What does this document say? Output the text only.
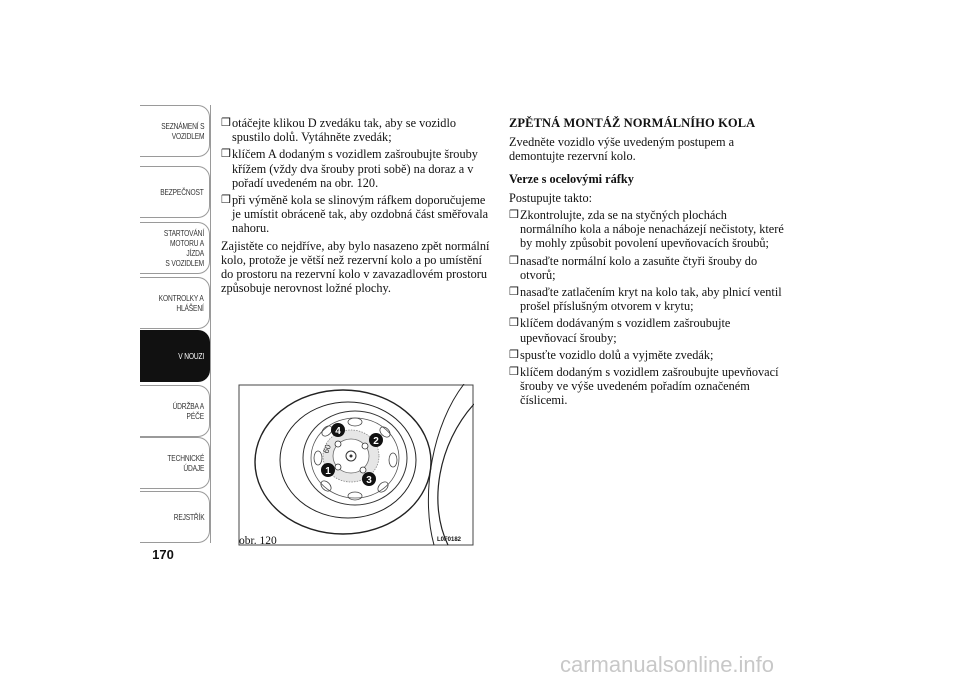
SEZNÁMENÍ S
VOZIDLEM
BEZPEČNOST
STARTOVÁNÍ
MOTORU A JÍZDA
S VOZIDLEM
KONTROLKY A
HLÁŠENÍ
V NOUZI
ÚDRŽBA A PÉČE
TECHNICKÉ
ÚDAJE
REJSTŘÍK
170
❒ otáčejte klikou D zvedáku tak, aby se vozidlo spustilo dolů. Vytáhněte zvedák;
❒ klíčem A dodaným s vozidlem zašroubujte šrouby křížem (vždy dva šrouby proti sobě) na doraz a v pořadí uvedeném na obr. 120.
❒ při výměně kola se slinovým ráfkem doporučujeme je umístit obráceně tak, aby ozdobná část směřovala nahoru.
Zajistěte co nejdříve, aby bylo nasazeno zpět normální kolo, protože je větší než rezervní kolo a po umístění do prostoru na rezervní kolo v zavazadlovém prostoru způsobuje nerovnost ložné plochy.
ZPĚTNÁ MONTÁŽ NORMÁLNÍHO KOLA
Zvedněte vozidlo výše uvedeným postupem a demontujte rezervní kolo.
Verze s ocelovými ráfky
Postupujte takto:
❒ Zkontrolujte, zda se na styčných plochách normálního kola a náboje nenacházejí nečistoty, které by mohly způsobit povolení upevňovacích šroubů;
❒ nasaďte normální kolo a zasuňte čtyři šrouby do otvorů;
❒ nasaďte zatlačením kryt na kolo tak, aby plnicí ventil prošel příslušným otvorem v krytu;
❒ klíčem dodávaným s vozidlem zašroubujte upevňovací šrouby;
❒ spusťte vozidlo dolů a vyjměte zvedák;
❒ klíčem dodaným s vozidlem zašroubujte upevňovací šrouby ve výše uvedeném pořadím označeném číslicemi.
60
4
2
1
3
obr. 120	L0F0182
carmanualsonline.info
